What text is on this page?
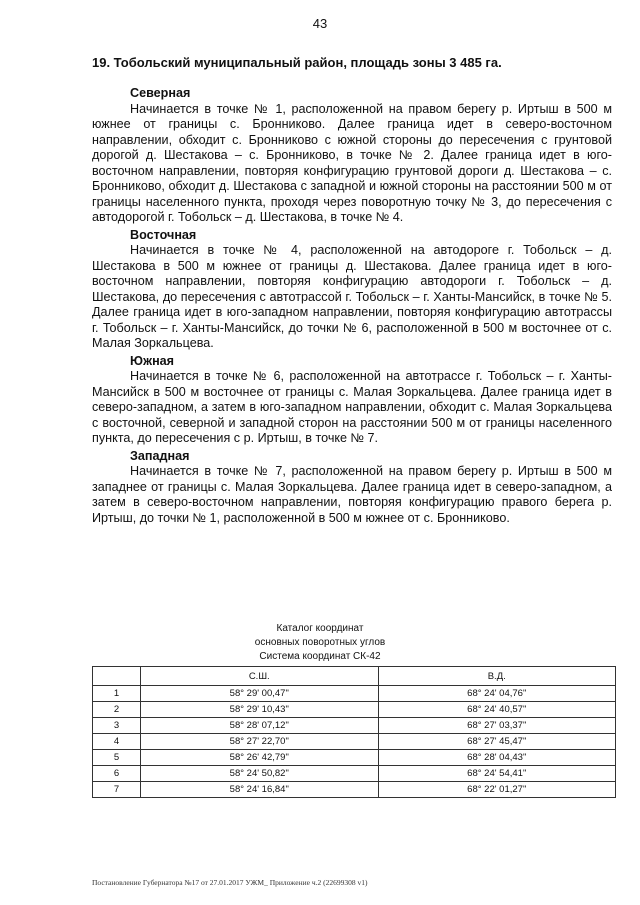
43
19. Тобольский муниципальный район, площадь зоны 3 485 га.

Северная

Начинается в точке № 1, расположенной на правом берегу р. Иртыш в 500 м южнее от границы с. Бронниково. Далее граница идет в северо-восточном направлении, обходит с. Бронниково с южной стороны до пересечения с грунтовой дорогой д. Шестакова – с. Бронниково, в точке № 2. Далее граница идет в юго-восточном направлении, повторяя конфигурацию грунтовой дороги д. Шестакова – с. Бронниково, обходит д. Шестакова с западной и южной стороны на расстоянии 500 м от границы населенного пункта, проходя через поворотную точку № 3, до пересечения с автодорогой г. Тобольск – д. Шестакова, в точке № 4.

Восточная

Начинается в точке № 4, расположенной на автодороге г. Тобольск – д. Шестакова в 500 м южнее от границы д. Шестакова. Далее граница идет в юго-восточном направлении, повторяя конфигурацию автодороги г. Тобольск – д. Шестакова, до пересечения с автотрассой г. Тобольск – г. Ханты-Мансийск, в точке № 5. Далее граница идет в юго-западном направлении, повторяя конфигурацию автотрассы г. Тобольск – г. Ханты-Мансийск, до точки № 6, расположенной в 500 м восточнее от с. Малая Зоркальцева.

Южная

Начинается в точке № 6, расположенной на автотрассе г. Тобольск – г. Ханты-Мансийск в 500 м восточнее от границы с. Малая Зоркальцева. Далее граница идет в северо-западном, а затем в юго-западном направлении, обходит с. Малая Зоркальцева с восточной, северной и западной сторон на расстоянии 500 м от границы населенного пункта, до пересечения с р. Иртыш, в точке № 7.

Западная

Начинается в точке № 7, расположенной на правом берегу р. Иртыш в 500 м западнее от границы с. Малая Зоркальцева. Далее граница идет в северо-западном, а затем в северо-восточном направлении, повторяя конфигурацию правого берега р. Иртыш, до точки № 1, расположенной в 500 м южнее от с. Бронниково.

Каталог координат
основных поворотных углов
Система координат СК-42
	С.Ш.	В.Д.
1	58° 29' 00,47"	68° 24' 04,76"
2	58° 29' 10,43"	68° 24' 40,57"
3	58° 28' 07,12"	68° 27' 03,37"
4	58° 27' 22,70"	68° 27' 45,47"
5	58° 26' 42,79"	68° 28' 04,43"
6	58° 24' 50,82"	68° 24' 54,41"
7	58° 24' 16,84"	68° 22' 01,27"
Постановление Губернатора №17 от 27.01.2017 УЖМ_ Приложение ч.2 (22699308 v1)
